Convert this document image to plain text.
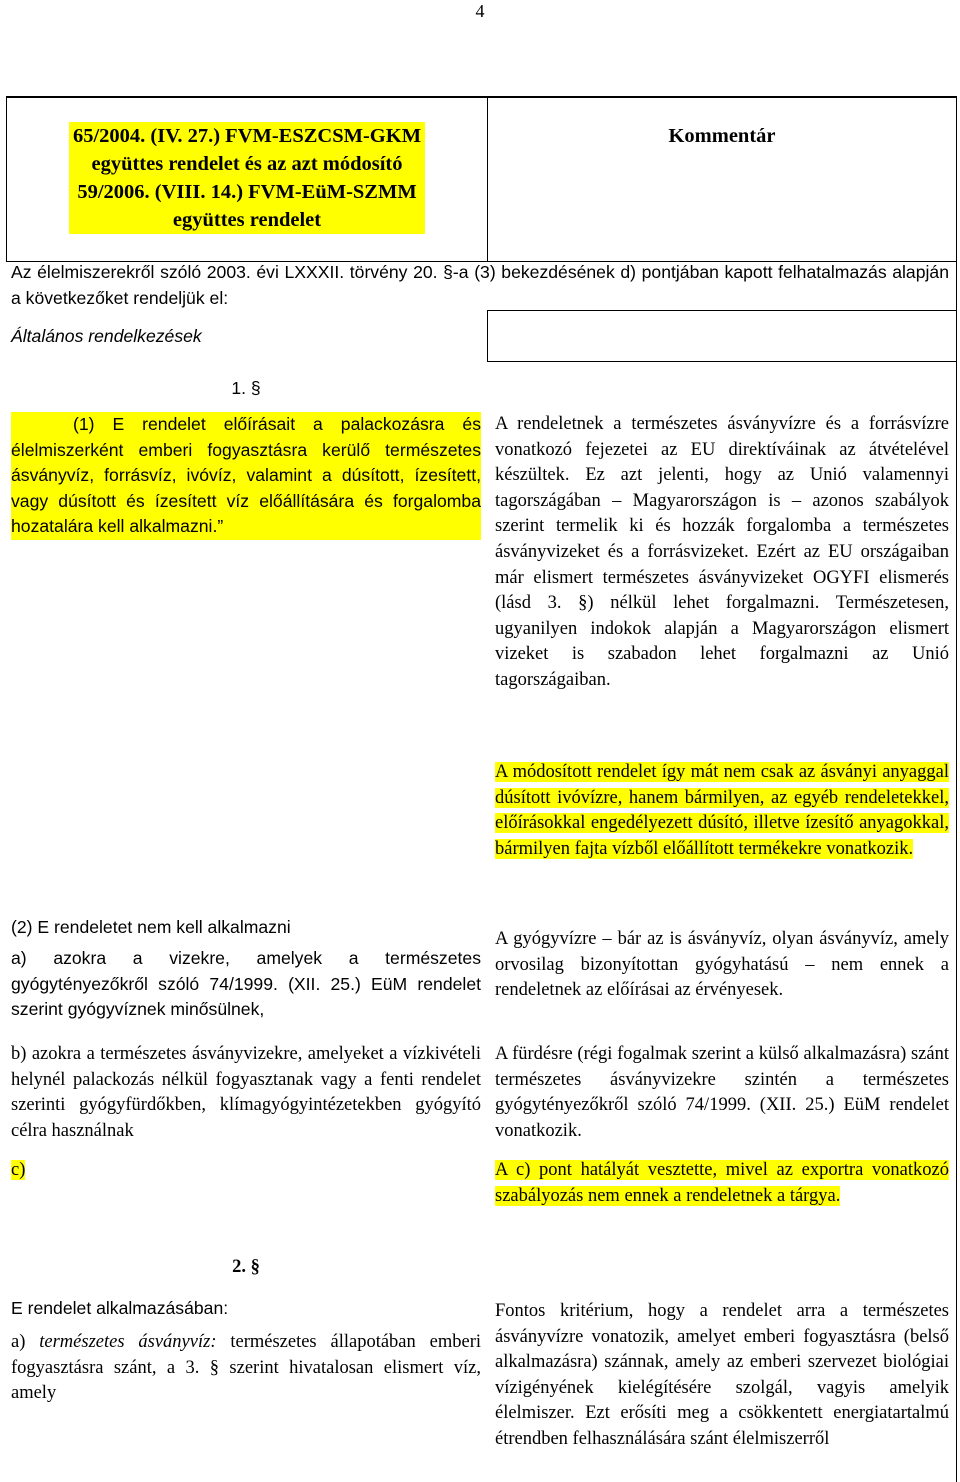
4
65/2004. (IV. 27.) FVM-ESZCSM-GKM
együttes rendelet és az azt módosító
59/2006. (VIII. 14.) FVM-EüM-SZMM
együttes rendelet
Kommentár

Az élelmiszerekről szóló 2003. évi LXXXII. törvény 20. §-a (3) bekezdésének d) pontjában kapott felhatalmazás alapján a következőket rendeljük el:

Általános rendelkezések

1. §

(1) E rendelet előírásait a palackozásra és élelmiszerként emberi fogyasztásra kerülő természetes ásványvíz, forrásvíz, ivóvíz, valamint a dúsított, ízesített, vagy dúsított és ízesített víz előállítására és forgalomba hozatalára kell alkalmazni.”

(2) E rendeletet nem kell alkalmazni

a) azokra a vizekre, amelyek a természetes gyógytényezőkről szóló 74/1999. (XII. 25.) EüM rendelet szerint gyógyvíznek minősülnek,

b) azokra a természetes ásványvizekre, amelyeket a vízkivételi helynél palackozás nélkül fogyasztanak vagy a fenti rendelet szerinti gyógyfürdőkben, klímagyógyintézetekben gyógyító célra használnak

c)

2. §

E rendelet alkalmazásában:

a) természetes ásványvíz: természetes állapotában emberi fogyasztásra szánt, a 3. § szerint hivatalosan elismert víz, amely

A rendeletnek a természetes ásványvízre és a forrásvízre vonatkozó fejezetei az EU direktíváinak az átvételével készültek. Ez azt jelenti, hogy az Unió valamennyi tagországában – Magyarországon is – azonos szabályok szerint termelik ki és hozzák forgalomba a természetes ásványvizeket és a forrásvizeket. Ezért az EU országaiban már elismert természetes ásványvizeket OGYFI elismerés (lásd 3. §) nélkül lehet forgalmazni. Természetesen, ugyanilyen indokok alapján a Magyarországon elismert vizeket is szabadon lehet forgalmazni az Unió tagországaiban.

A módosított rendelet így mát nem csak az ásványi anyaggal dúsított ivóvízre, hanem bármilyen, az egyéb rendeletekkel, előírásokkal engedélyezett dúsító, illetve ízesítő anyagokkal, bármilyen fajta vízből előállított termékekre vonatkozik.

A gyógyvízre – bár az is ásványvíz, olyan ásványvíz, amely orvosilag bizonyítottan gyógyhatású – nem ennek a rendeletnek az előírásai az érvényesek.

A fürdésre (régi fogalmak szerint a külső alkalmazásra) szánt természetes ásványvizekre szintén a természetes gyógytényezőkről szóló 74/1999. (XII. 25.) EüM rendelet vonatkozik.

A c) pont hatályát vesztette, mivel az exportra vonatkozó szabályozás nem ennek a rendeletnek a tárgya.

Fontos kritérium, hogy a rendelet arra a természetes ásványvízre vonatozik, amelyet emberi fogyasztásra (belső alkalmazásra) szánnak, amely az emberi szervezet biológiai vízigényének kielégítésére szolgál, vagyis amelyik élelmiszer. Ezt erősíti meg a csökkentett energiatartalmú étrendben felhasználására szánt élelmiszerről
